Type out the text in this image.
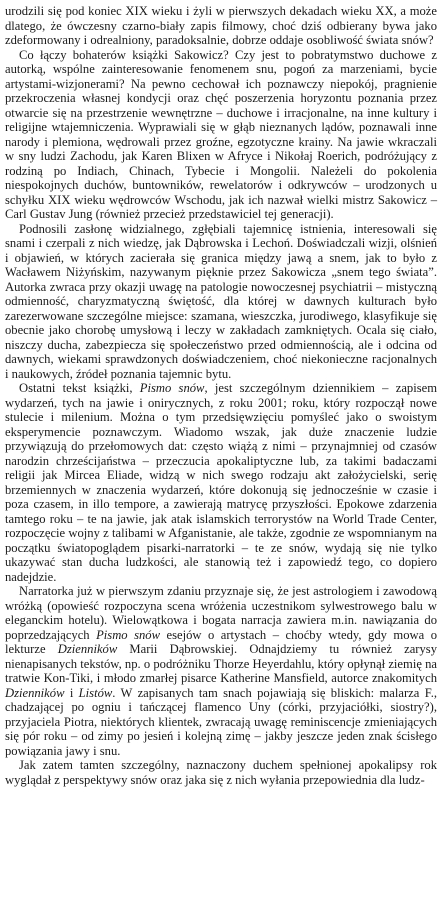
urodzili się pod koniec XIX wieku i żyli w pierwszych dekadach wieku XX, a może dlatego, że ówczesny czarno-biały zapis filmowy, choć dziś odbierany bywa jako zdeformowany i odrealniony, paradoksalnie, dobrze oddaje osobliwość świata snów?

Co łączy bohaterów książki Sakowicz? Czy jest to pobratymstwo duchowe z autorką, wspólne zainteresowanie fenomenem snu, pogoń za marzeniami, bycie artystami-wizjonerami? Na pewno cechował ich poznawczy niepokój, pragnienie przekroczenia własnej kondycji oraz chęć poszerzenia horyzontu poznania przez otwarcie się na przestrzenie wewnętrzne – duchowe i irracjonalne, na inne kultury i religijne wtajemniczenia. Wyprawiali się w głąb nieznanych lądów, poznawali inne narody i plemiona, wędrowali przez groźne, egzotyczne krainy. Na jawie wkraczali w sny ludzi Zachodu, jak Karen Blixen w Afryce i Nikołaj Roerich, podróżujący z rodziną po Indiach, Chinach, Tybecie i Mongolii. Należeli do pokolenia niespokojnych duchów, buntowników, rewelatorów i odkrywców – urodzonych u schyłku XIX wieku wędrowców Wschodu, jak ich nazwał wielki mistrz Sakowicz – Carl Gustav Jung (również przecież przedstawiciel tej generacji).

Podnosili zasłonę widzialnego, zgłębiali tajemnicę istnienia, interesowali się snami i czerpali z nich wiedzę, jak Dąbrowska i Lechoń. Doświadczali wizji, olśnień i objawień, w których zacierała się granica między jawą a snem, jak to było z Wacławem Niżyńskim, nazywanym pięknie przez Sakowicza „snem tego świata”. Autorka zwraca przy okazji uwagę na patologie nowoczesnej psychiatrii – mistyczną odmienność, charyzmatyczną świętość, dla której w dawnych kulturach było zarezerwowane szczególne miejsce: szamana, wieszczka, jurodiwego, klasyfikuje się obecnie jako chorobę umysłową i leczy w zakładach zamkniętych. Ocala się ciało, niszczy ducha, zabezpiecza się społeczeństwo przed odmiennością, ale i odcina od dawnych, wiekami sprawdzonych doświadczeniem, choć niekonieczne racjonalnych i naukowych, źródeł poznania tajemnic bytu.

Ostatni tekst książki, Pismo snów, jest szczególnym dziennikiem – zapisem wydarzeń, tych na jawie i onirycznych, z roku 2001; roku, który rozpoczął nowe stulecie i milenium. Można o tym przedsięwzięciu pomyśleć jako o swoistym eksperymencie poznawczym. Wiadomo wszak, jak duże znaczenie ludzie przywiązują do przełomowych dat: często wiążą z nimi – przynajmniej od czasów narodzin chrześcijaństwa – przeczucia apokaliptyczne lub, za takimi badaczami religii jak Mircea Eliade, widzą w nich swego rodzaju akt założycielski, serię brzemiennych w znaczenia wydarzeń, które dokonują się jednocześnie w czasie i poza czasem, in illo tempore, a zawierają matrycę przyszłości. Epokowe zdarzenia tamtego roku – te na jawie, jak atak islamskich terrorystów na World Trade Center, rozpoczęcie wojny z talibami w Afganistanie, ale także, zgodnie ze wspomnianym na początku światopoglądem pisarki-narratorki – te ze snów, wydają się nie tylko ukazywać stan ducha ludzkości, ale stanowią też i zapowiedź tego, co dopiero nadejdzie.

Narratorka już w pierwszym zdaniu przyznaje się, że jest astrologiem i zawodową wróżką (opowieść rozpoczyna scena wróżenia uczestnikom sylwestrowego balu w eleganckim hotelu). Wielowątkowa i bogata narracja zawiera m.in. nawiązania do poprzedzających Pismo snów esejów o artystach – choćby wtedy, gdy mowa o lekturze Dzienników Marii Dąbrowskiej. Odnajdziemy tu również zarysy nienapisanych tekstów, np. o podróżniku Thorze Heyerdahlu, który opłynął ziemię na tratwie Kon-Tiki, i młodo zmarłej pisarce Katherine Mansfield, autorce znakomitych Dzienników i Listów. W zapisanych tam snach pojawiają się bliskich: malarza F., chadzającej po ogniu i tańczącej flamenco Uny (córki, przyjaciółki, siostry?), przyjaciela Piotra, niektórych klientek, zwracają uwagę reminiscencje zmieniających się pór roku – od zimy po jesień i kolejną zimę – jakby jeszcze jeden znak ścisłego powiązania jawy i snu.

Jak zatem tamten szczególny, naznaczony duchem spełnionej apokalipsy rok wyglądał z perspektywy snów oraz jaka się z nich wyłania przepowiednia dla ludz-
